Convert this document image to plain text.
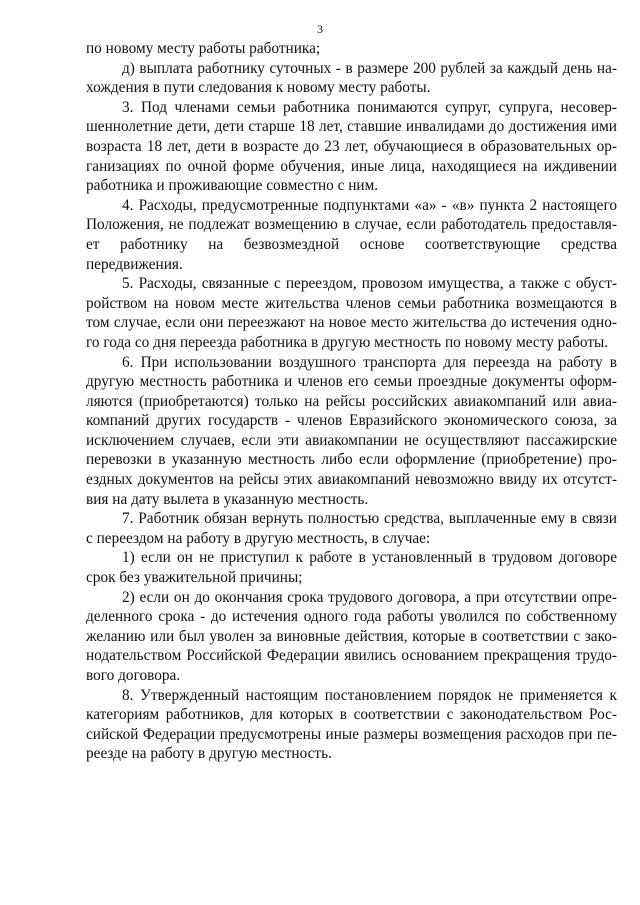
3

по новому месту работы работника;

д) выплата работнику суточных - в размере 200 рублей за каждый день нахождения в пути следования к новому месту работы.

3. Под членами семьи работника понимаются супруг, супруга, несовершеннолетние дети, дети старше 18 лет, ставшие инвалидами до достижения ими возраста 18 лет, дети в возрасте до 23 лет, обучающиеся в образовательных организациях по очной форме обучения, иные лица, находящиеся на иждивении работника и проживающие совместно с ним.

4. Расходы, предусмотренные подпунктами «а» - «в» пункта 2 настоящего Положения, не подлежат возмещению в случае, если работодатель предоставляет работнику на безвозмездной основе соответствующие средства передвижения.

5. Расходы, связанные с переездом, провозом имущества, а также с обустройством на новом месте жительства членов семьи работника возмещаются в том случае, если они переезжают на новое место жительства до истечения одного года со дня переезда работника в другую местность по новому месту работы.

6. При использовании воздушного транспорта для переезда на работу в другую местность работника и членов его семьи проездные документы оформляются (приобретаются) только на рейсы российских авиакомпаний или авиакомпаний других государств - членов Евразийского экономического союза, за исключением случаев, если эти авиакомпании не осуществляют пассажирские перевозки в указанную местность либо если оформление (приобретение) проездных документов на рейсы этих авиакомпаний невозможно ввиду их отсутствия на дату вылета в указанную местность.

7. Работник обязан вернуть полностью средства, выплаченные ему в связи с переездом на работу в другую местность, в случае:

1) если он не приступил к работе в установленный в трудовом договоре срок без уважительной причины;

2) если он до окончания срока трудового договора, а при отсутствии определенного срока - до истечения одного года работы уволился по собственному желанию или был уволен за виновные действия, которые в соответствии с законодательством Российской Федерации явились основанием прекращения трудового договора.

8. Утвержденный настоящим постановлением порядок не применяется к категориям работников, для которых в соответствии с законодательством Российской Федерации предусмотрены иные размеры возмещения расходов при переезде на работу в другую местность.
